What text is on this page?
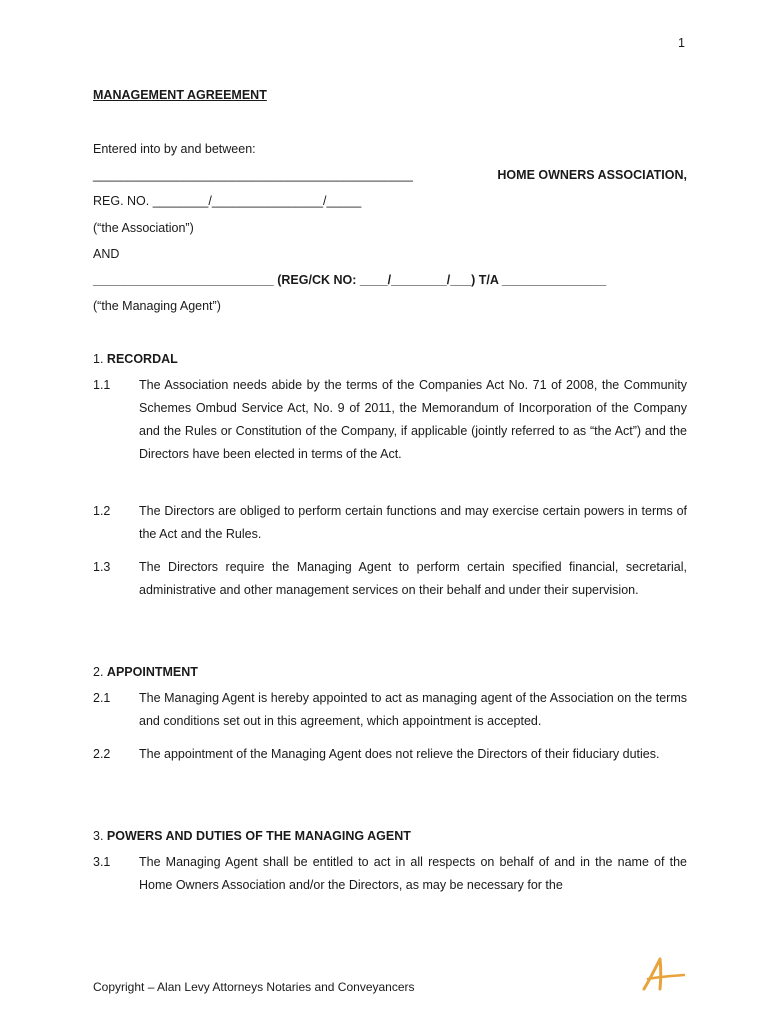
1
MANAGEMENT AGREEMENT
Entered into by and between:
______________________________________________	HOME OWNERS ASSOCIATION,
REG. NO. ________/________________/_____
(“the Association”)
AND
__________________________ (REG/CK NO: ____/________/___) T/A _______________
(“the Managing Agent”)
1. RECORDAL
1.1 The Association needs abide by the terms of the Companies Act No. 71 of 2008, the Community Schemes Ombud Service Act, No. 9 of 2011, the Memorandum of Incorporation of the Company and the Rules or Constitution of the Company, if applicable (jointly referred to as “the Act”) and the Directors have been elected in terms of the Act.
1.2 The Directors are obliged to perform certain functions and may exercise certain powers in terms of the Act and the Rules.
1.3 The Directors require the Managing Agent to perform certain specified financial, secretarial, administrative and other management services on their behalf and under their supervision.
2. APPOINTMENT
2.1 The Managing Agent is hereby appointed to act as managing agent of the Association on the terms and conditions set out in this agreement, which appointment is accepted.
2.2 The appointment of the Managing Agent does not relieve the Directors of their fiduciary duties.
3. POWERS AND DUTIES OF THE MANAGING AGENT
3.1 The Managing Agent shall be entitled to act in all respects on behalf of and in the name of the Home Owners Association and/or the Directors, as may be necessary for the
Copyright – Alan Levy Attorneys Notaries and Conveyancers
